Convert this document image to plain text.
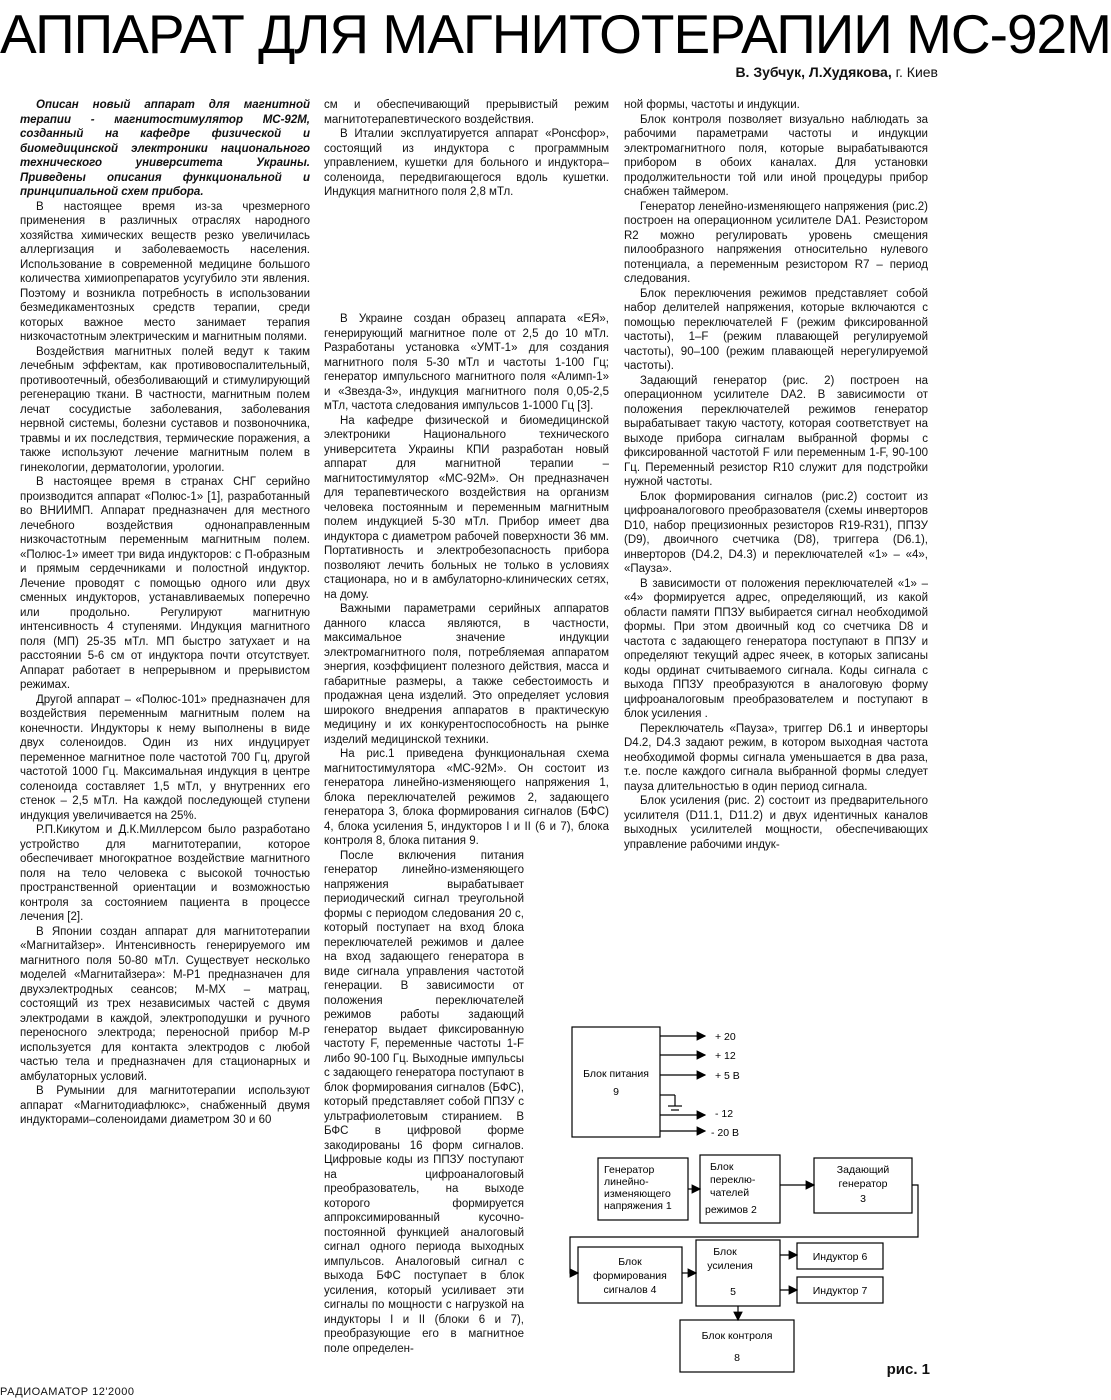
АППАРАТ ДЛЯ МАГНИТОТЕРАПИИ МС-92М
В. Зубчук, Л.Худякова, г. Киев

Описан новый аппарат для магнитной терапии - магнитостимулятор МС-92М, созданный на кафедре физической и биомедицинской электроники национального технического университета Украины. Приведены описания функциональной и принципиальной схем прибора.

В настоящее время из-за чрезмерного применения в различных отраслях народного хозяйства химических веществ резко увеличилась аллергизация и заболеваемость населения. Использование в современной медицине большого количества химиопрепаратов усугубило эти явления. Поэтому и возникла потребность в использовании безмедикаментозных средств терапии, среди которых важное место занимает терапия низкочастотным электрическим и магнитным полями.

Воздействия магнитных полей ведут к таким лечебным эффектам, как противовоспалительный, противоотечный, обезболивающий и стимулирующий регенерацию ткани. В частности, магнитным полем лечат сосудистые заболевания, заболевания нервной системы, болезни суставов и позвоночника, травмы и их последствия, термические поражения, а также используют лечение магнитным полем в гинекологии, дерматологии, урологии.

В настоящее время в странах СНГ серийно производится аппарат «Полюс-1» [1], разработанный во ВНИИМП. Аппарат предназначен для местного лечебного воздействия однонаправленным низкочастотным переменным магнитным полем. «Полюс-1» имеет три вида индукторов: с П-образным и прямым сердечниками и полостной индуктор. Лечение проводят с помощью одного или двух сменных индукторов, устанавливаемых поперечно или продольно. Регулируют магнитную интенсивность 4 ступенями. Индукция магнитного поля (МП) 25-35 мТл. МП быстро затухает и на расстоянии 5-6 см от индуктора почти отсутствует. Аппарат работает в непрерывном и прерывистом режимах.

Другой аппарат – «Полюс-101» предназначен для воздействия переменным магнитным полем на конечности. Индукторы к нему выполнены в виде двух соленоидов. Один из них индуцирует переменное магнитное поле частотой 700 Гц, другой частотой 1000 Гц. Максимальная индукция в центре соленоида составляет 1,5 мТл, у внутренних его стенок – 2,5 мТл. На каждой последующей ступени индукция увеличивается на 25%.

Р.П.Кикутом и Д.К.Миллерсом было разработано устройство для магнитотерапии, которое обеспечивает многократное воздействие магнитного поля на тело человека с высокой точностью пространственной ориентации и возможностью контроля за состоянием пациента в процессе лечения [2].

В Японии создан аппарат для магнитотерапии «Магнитайзер». Интенсивность генерируемого им магнитного поля 50-80 мТл. Существует несколько моделей «Магнитайзера»: М-Р1 предназначен для двухэлектродных сеансов; М-МХ – матрац, состоящий из трех независимых частей с двумя электродами в каждой, электроподушки и ручного переносного электрода; переносной прибор М-Р используется для контакта электродов с любой частью тела и предназначен для стационарных и амбулаторных условий.

В Румынии для магнитотерапии используют аппарат «Магнитодиафлюкс», снабженный двумя индукторами–соленоидами диаметром 30 и 60

см и обеспечивающий прерывистый режим магнитотерапевтического воздействия.

В Италии эксплуатируется аппарат «Ронсфор», состоящий из индуктора с программным управлением, кушетки для больного и индуктора–соленоида, передвигающегося вдоль кушетки. Индукция магнитного поля 2,8 мТл.

В Украине создан образец аппарата «ЕЯ», генерирующий магнитное поле от 2,5 до 10 мТл. Разработаны установка «УМТ-1» для создания магнитного поля 5-30 мТл и частоты 1-100 Гц; генератор импульсного магнитного поля «Алимп-1» и «Звезда-3», индукция магнитного поля 0,05-2,5 мТл, частота следования импульсов 1-1000 Гц [3].

На кафедре физической и биомедицинской электроники Национального технического университета Украины КПИ разработан новый аппарат для магнитной терапии – магнитостимулятор «МС-92М». Он предназначен для терапевтического воздействия на организм человека постоянным и переменным магнитным полем индукцией 5-30 мТл. Прибор имеет два индуктора с диаметром рабочей поверхности 36 мм. Портативность и электробезопасность прибора позволяют лечить больных не только в условиях стационара, но и в амбулаторно-клинических сетях, на дому.

Важными параметрами серийных аппаратов данного класса являются, в частности, максимальное значение индукции электромагнитного поля, потребляемая аппаратом энергия, коэффициент полезного действия, масса и габаритные размеры, а также себестоимость и продажная цена изделий. Это определяет условия широкого внедрения аппаратов в практическую медицину и их конкурентоспособность на рынке изделий медицинской техники.

На рис.1 приведена функциональная схема магнитостимулятора «МС-92М». Он состоит из генератора линейно-изменяющего напряжения 1, блока переключателей режимов 2, задающего генератора 3, блока формирования сигналов (БФС) 4, блока усиления 5, индукторов I и II (6 и 7), блока контроля 8, блока питания 9.

После включения питания генератор линейно-изменяющего напряжения вырабатывает периодический сигнал треугольной формы с периодом следования 20 с, который поступает на вход блока переключателей режимов и далее на вход задающего генератора в виде сигнала управления частотой генерации. В зависимости от положения переключателей режимов работы задающий генератор выдает фиксированную частоту F, переменные частоты 1-F либо 90-100 Гц. Выходные импульсы с задающего генератора поступают в блок формирования сигналов (БФС), который представляет собой ППЗУ с ультрафиолетовым стиранием. В БФС в цифровой форме закодированы 16 форм сигналов. Цифровые коды из ППЗУ поступают на цифроаналоговый преобразователь, на выходе которого формируется аппроксимированный кусочно-постоянной функцией аналоговый сигнал одного периода выходных импульсов. Аналоговый сигнал с выхода БФС поступает в блок усиления, который усиливает эти сигналы по мощности с нагрузкой на индукторы I и II (блоки 6 и 7), преобразующие его в магнитное поле определен-

ной формы, частоты и индукции.

Блок контроля позволяет визуально наблюдать за рабочими параметрами частоты и индукции электромагнитного поля, которые вырабатываются прибором в обоих каналах. Для установки продолжительности той или иной процедуры прибор снабжен таймером.

Генератор ленейно-изменяющего напряжения (рис.2) построен на операционном усилителе DA1. Резистором R2 можно регулировать уровень смещения пилообразного напряжения относительно нулевого потенциала, а переменным резистором R7 – период следования.

Блок переключения режимов представляет собой набор делителей напряжения, которые включаются с помощью переключателей F (режим фиксированной частоты), 1–F (режим плавающей регулируемой частоты), 90–100 (режим плавающей нерегулируемой частоты).

Задающий генератор (рис. 2) построен на операционном усилителе DA2. В зависимости от положения переключателей режимов генератор вырабатывает такую частоту, которая соответствует на выходе прибора сигналам выбранной формы с фиксированной частотой F или переменным 1-F, 90-100 Гц. Переменный резистор R10 служит для подстройки нужной частоты.

Блок формирования сигналов (рис.2) состоит из цифроаналогового преобразователя (схемы инверторов D10, набор прецизионных резисторов R19-R31), ППЗУ (D9), двоичного счетчика (D8), триггера (D6.1), инверторов (D4.2, D4.3) и переключателей «1» – «4», «Пауза».

В зависимости от положения переключателей «1» – «4» формируется адрес, определяющий, из какой области памяти ППЗУ выбирается сигнал необходимой формы. При этом двоичный код со счетчика D8 и частота с задающего генератора поступают в ППЗУ и определяют текущий адрес ячеек, в которых записаны коды ординат считываемого сигнала. Коды сигнала с выхода ППЗУ преобразуются в аналоговую форму цифроаналоговым преобразователем и поступают в блок усиления .

Переключатель «Пауза», триггер D6.1 и инверторы D4.2, D4.3 задают режим, в котором выходная частота необходимой формы сигнала уменьшается в два раза, т.е. после каждого сигнала выбранной формы следует пауза длительностью в один период сигнала.

Блок усиления (рис. 2) состоит из предварительного усилителя (D11.1, D11.2) и двух идентичных каналов выходных усилителей мощности, обеспечивающих управление рабочими индук-

Блок питания
9
+ 20
+ 12
+ 5 В
- 12
- 20 В
Генератор
линейно-
изменяющего
напряжения 1
Блок
переклю-
чателей
режимов 2
Задающий
генератор
3
Блок
формирования
сигналов 4
Блок
усиления
5
Индуктор 6
Индуктор 7
Блок контроля
8
рис. 1
РАДИОАМАТОР 12'2000
